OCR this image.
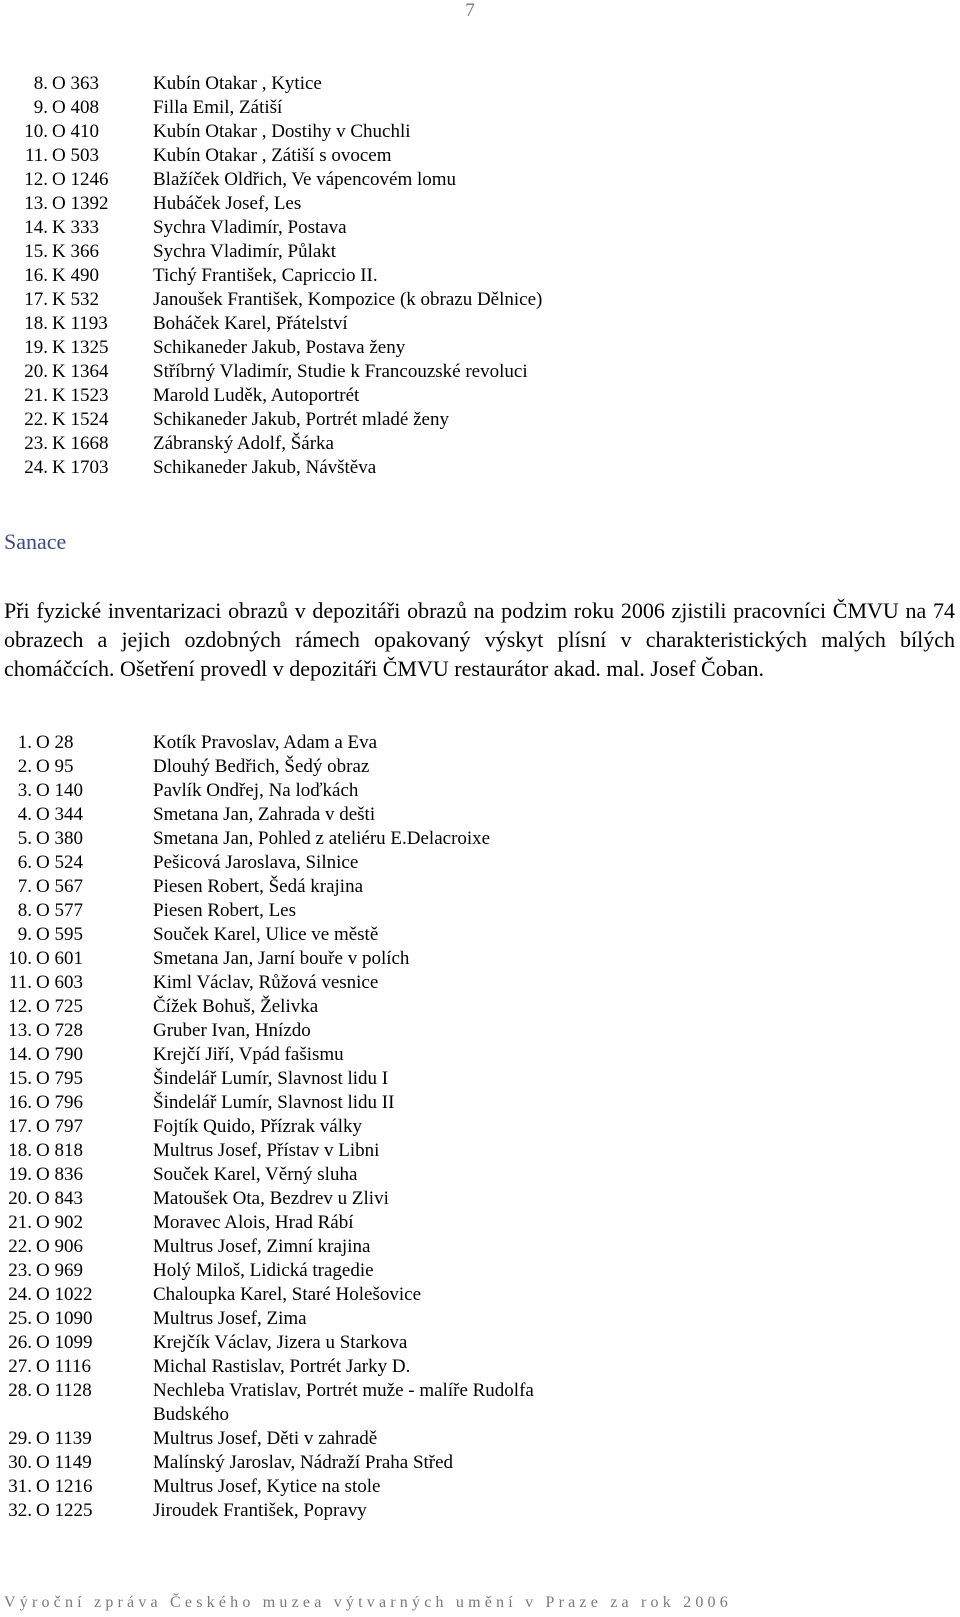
7
8. O 363	Kubín Otakar , Kytice
9. O 408	Filla Emil, Zátiší
10. O 410	Kubín Otakar , Dostihy v Chuchli
11. O 503	Kubín Otakar , Zátiší s ovocem
12. O 1246 Blažíček Oldřich, Ve vápencovém lomu
13. O 1392 Hubáček Josef, Les
14. K 333	Sychra Vladimír, Postava
15. K 366	Sychra Vladimír, Půlakt
16. K 490	Tichý František, Capriccio II.
17. K 532	Janoušek František, Kompozice (k obrazu Dělnice)
18. K 1193 Boháček Karel, Přátelství
19. K 1325 Schikaneder Jakub, Postava ženy
20. K 1364 Stříbrný Vladimír, Studie k Francouzské revoluci
21. K 1523 Marold Luděk, Autoportrét
22. K 1524 Schikaneder Jakub, Portrét mladé ženy
23. K 1668 Zábranský Adolf, Šárka
24. K 1703 Schikaneder Jakub, Návštěva
Sanace

Při fyzické inventarizaci obrazů v depozitáři obrazů na podzim roku 2006 zjistili pracovníci ČMVU na 74 obrazech a jejich ozdobných rámech opakovaný výskyt plísní v charakteristických malých bílých chomáčcích. Ošetření provedl v depozitáři ČMVU restaurátor akad. mal. Josef Čoban.

1. O 28	Kotík Pravoslav, Adam a Eva
2. O 95	Dlouhý Bedřich, Šedý obraz
3. O 140	Pavlík Ondřej, Na loďkách
4. O 344	Smetana Jan, Zahrada v dešti
5. O 380	Smetana Jan, Pohled z ateliéru E.Delacroixe
6. O 524	Pešicová Jaroslava, Silnice
7. O 567	Piesen Robert, Šedá krajina
8. O 577	Piesen Robert, Les
9. O 595	Souček Karel, Ulice ve městě
10. O 601	Smetana Jan, Jarní bouře v polích
11. O 603	Kiml Václav, Růžová vesnice
12. O 725	Čížek Bohuš, Želivka
13. O 728	Gruber Ivan, Hnízdo
14. O 790	Krejčí Jiří, Vpád fašismu
15. O 795	Šindelář Lumír, Slavnost lidu I
16. O 796	Šindelář Lumír, Slavnost lidu II
17. O 797	Fojtík Quido, Přízrak války
18. O 818	Multrus Josef, Přístav v Libni
19. O 836	Souček Karel, Věrný sluha
20. O 843	Matoušek Ota, Bezdrev u Zlivi
21. O 902	Moravec Alois, Hrad Rábí
22. O 906	Multrus Josef, Zimní krajina
23. O 969	Holý Miloš, Lidická tragedie
24. O 1022	Chaloupka Karel, Staré Holešovice
25. O 1090	Multrus Josef, Zima
26. O 1099	Krejčík Václav, Jizera u Starkova
27. O 1116	Michal Rastislav, Portrét Jarky D.
28. O 1128	Nechleba Vratislav, Portrét muže - malíře Rudolfa Budského
29. O 1139	Multrus Josef, Děti v zahradě
30. O 1149	Malínský Jaroslav, Nádraží Praha Střed
31. O 1216	Multrus Josef, Kytice na stole
32. O 1225	Jiroudek František, Popravy
Výroční zpráva Českého muzea výtvarných umění v Praze za rok 2006
